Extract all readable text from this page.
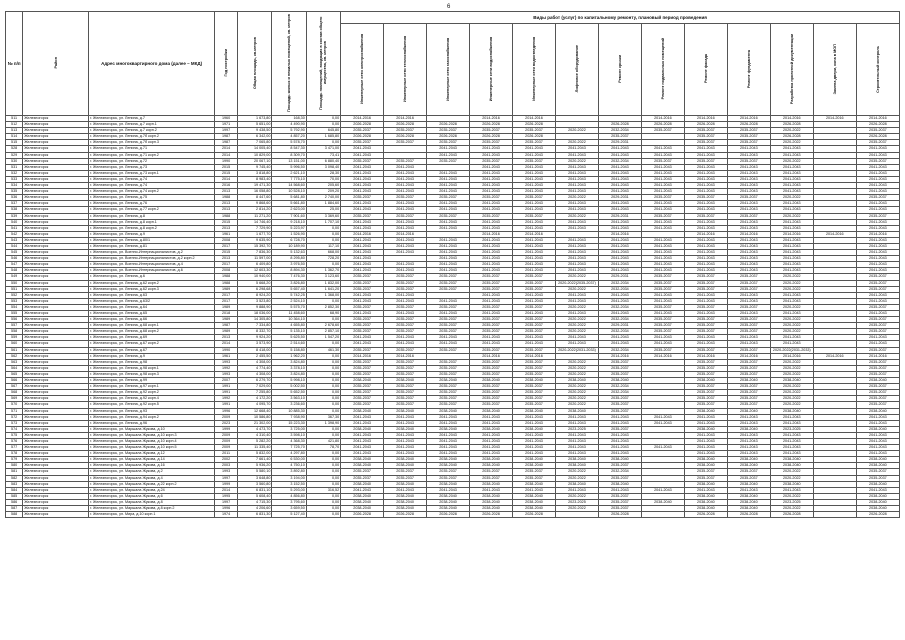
6
№ п/п	Район	Адрес многоквартирного дома (далее – МКД)	Год постройки	Общая площадь, кв.метров	Площадь жилых и нежилых помещений, кв. метров	Площадь помещений, входящих в состав общего имущества, кв. метров	Виды работ (услуг) по капитальному ремонту, плановый период проведения												
							Инженерные сети электроснабжения	Инженерные сети теплоснабжения	Инженерные сети газоснабжения	Инженерные сети водоснабжения	Инженерные сети водоотведения	Лифтовое оборудование	Ремонт крыши	Ремонт подвальных помещений	Ремонт фасада	Ремонт фундамента	Разработка проектной документации	Замена двери, окна в МОП	Строительный контроль
511	Железногорск	г. Железногорск, ул. Ленина, д.7	1960	1 673,80	168,30	0,00	2014-2016	2014-2016		2014-2016	2014-2016			2014-2016	2014-2016	2014-2016	2014-2016	2014-2016	2014-2016
512	Железногорск	г. Железногорск, ул. Ленина, д.7 корп.1	1971	5 651,00	4 490,90	0,00	2026-2028	2026-2028	2026-2028	2026-2028	2026-2028		2026-2028	2026-2028	2026-2028	2026-2028	2026-2028		2026-2028
513	Железногорск	г. Железногорск, ул. Ленина, д.7 корп.2	1997	9 438,50	5 792,90	645,80	2035-2037	2035-2037	2035-2037	2035-2037	2035-2037	2020-2022	2032-2034	2035-2037	2035-2037	2035-2037	2020-2022		2035-2037
514	Железногорск	г. Железногорск, ул. Ленина, д.7б корп.2	1987	6 342,00	4 857,20	1 685,80	2026-2028	2026-2028	2026-2028	2026-2028	2026-2028		2035-2037		2035-2037	2035-2037	2026-2028		2026-2028
515	Железногорск	г. Железногорск, ул. Ленина, д.7б корп.3	1987	7 065,80	5 578,70	0,00	2035-2037	2035-2037	2035-2037	2035-2037	2035-2037	2020-2022	2029-2031		2035-2037	2035-2037	2020-2022		2035-2037
528	Железногорск	г. Железногорск, ул. Ленина, д.71	2014	14 005,40	8 547,30	3 471,00	2041-2043		2041-2043	2041-2043	2041-2043	2041-2043	2041-2043	2041-2043	2041-2043	2041-2043	2041-2043		2041-2043
529	Железногорск	г. Железногорск, ул. Ленина, д.71 корп.2	2014	10 829,00	8 309,70	73,41	2041-2043		2041-2043	2041-2043	2041-2043	2041-2043	2041-2043	2041-2043	2041-2043	2041-2043	2041-2043		2041-2043
530	Железногорск	г. Железногорск, ул. Ленина, д.72	1990	20 067,10	13 151,00	6 880,40	2035-2037	2035-2037	2035-2037	2035-2037	2035-2037	2020-2022	2032-2034	2035-2037	2035-2037	2035-2037	2020-2022		2035-2037
531	Железногорск	г. Железногорск, ул. Ленина, д.73	2015	9 745,40	5 996,50	3 098,40	2041-2043	2041-2043		2041-2043	2041-2043	2041-2043	2041-2043	2041-2043	2041-2043	2041-2043	2041-2043		2041-2043
532	Железногорск	г. Железногорск, ул. Ленина, д.73 корп.1	2015	3 818,80	2 621,10	28,30	2041-2043	2041-2043	2041-2043	2041-2043	2041-2043	2041-2043	2041-2043	2041-2043	2041-2043	2041-2043	2041-2043		2041-2043
533	Железногорск	г. Железногорск, ул. Ленина, д.74	2014	8 983,40	7 775,10	70,00	2041-2043	2041-2043	2041-2043	2041-2043	2041-2043	2041-2043	2041-2043	2041-2043	2041-2043	2041-2043	2041-2043		2041-2043
534	Железногорск	г. Железногорск, ул. Ленина, д.74	2016	19 471,30	14 568,60	205,60	2041-2043	2041-2043	2041-2043	2041-2043	2041-2043	2041-2043	2041-2043	2041-2043	2041-2043	2041-2043	2041-2043		2041-2043
535	Железногорск	г. Железногорск, ул. Ленина, д.74 корп.2	2013	16 058,80	10 528,10	209,20	2041-2043	2041-2043	2041-2043	2041-2043	2041-2043	2041-2043	2041-2043	2041-2043	2041-2043	2041-2043	2041-2043		2041-2043
536	Железногорск	г. Железногорск, ул. Ленина, д.75	1988	8 447,60	5 681,80	2 740,00	2035-2037	2035-2037	2035-2037	2035-2037	2035-2037	2020-2022	2029-2031	2035-2037	2035-2037	2035-2037	2020-2022		2035-2037
537	Железногорск	г. Железногорск, ул. Ленина, д.76	2013	9 868,60	5 661,80	1 884,60	2041-2043	2041-2043	2041-2043	2041-2043	2041-2043	2041-2043	2041-2043	2041-2043	2041-2043	2041-2043	2041-2043		2041-2043
538	Железногорск	г. Железногорск, ул. Ленина, д.77 корп.2	2013	2 814,20	2 623,00	25,00	2041-2043	2041-2043	2041-2043	2041-2043	2041-2043	2041-2043	2041-2043	2041-2043	2041-2043	2041-2043	2041-2043		2041-2043
539	Железногорск	г. Железногорск, ул. Ленина, д.8	1988	11 271,20	7 901,60	3 369,60	2035-2037	2035-2037	2035-2037	2035-2037	2035-2037	2020-2022	2029-2031	2035-2037	2035-2037	2035-2037	2020-2022		2035-2037
540	Железногорск	г. Железногорск, ул. Ленина, д.8 корп.1	2015	14 746,40	9 218,10	1 707,10	2041-2043	2041-2043	2041-2043	2041-2043	2041-2043	2041-2043	2041-2043	2041-2043	2041-2043	2041-2043	2041-2043		2041-2043
541	Железногорск	г. Железногорск, ул. Ленина, д.8 корп.2	2013	7 729,90	5 223,97	0,00	2041-2043	2041-2043	2041-2043	2041-2043	2041-2043	2041-2043	2041-2043	2041-2043	2041-2043	2041-2043	2041-2043		2041-2043
542	Железногорск	г. Железногорск, ул. Ленина, д.9	1961	1 677,70	1 526,90	0,00	2014-2016	2014-2016		2014-2016	2014-2016		2014-2016		2014-2016	2014-2016	2014-2016	2014-2016	2014-2016
543	Железногорск	г. Железногорск, ул. Ленина, д.80/1	2008	9 635,90	6 728,70	0,00	2041-2043	2041-2043	2041-2043	2041-2043	2041-2043	2041-2043	2041-2043	2041-2043	2041-2043	2041-2043	2041-2043		2041-2043
544	Железногорск	г. Железногорск, ул. Ленина, д.81	2017	15 392,70	10 189,90	117,10	2041-2043	2041-2043	2041-2043	2041-2043	2041-2043	2041-2043	2041-2043	2041-2043	2041-2043	2041-2043	2041-2043		2041-2043
545	Железногорск	г. Железногорск, ул. Военно-Интернационалистов, д.2	2015	7 836,30	5 132,63	668,00	2041-2043	2041-2043	2041-2043	2041-2043	2041-2043	2041-2043	2041-2043	2041-2043	2041-2043	2041-2043	2041-2043		2041-2043
546	Железногорск	г. Железногорск, ул. Военно-Интернационалистов, д.2 корп.2	2013	11 597,00	8 295,80	728,20	2041-2043		2041-2043	2041-2043	2041-2043	2041-2043	2041-2043	2041-2043	2041-2043	2041-2043	2041-2043		2041-2043
547	Железногорск	г. Железногорск, ул. Военно-Интернационалистов, д.4	2017	6 409,80	3 976,50	0,00	2041-2043	2041-2043	2041-2043	2041-2043	2041-2043	2041-2043	2041-2043	2041-2043	2041-2043	2041-2043	2041-2043		2041-2043
548	Железногорск	г. Железногорск, ул. Военно-Интернационалистов, д.6	2008	12 603,30	8 894,30	1 362,70	2041-2043	2041-2043	2041-2043	2041-2043	2041-2043	2041-2043	2041-2043	2041-2043	2041-2043	2041-2043	2041-2043		2041-2043
549	Железногорск	г. Железногорск, ул. Ленина, д.6	1988	10 940,00	7 476,30	3 123,60	2035-2037	2035-2037	2035-2037	2035-2037	2035-2037	2020-2022	2029-2031	2035-2037	2035-2037	2035-2037	2020-2022		2035-2037
550	Железногорск	г. Железногорск, ул. Ленина, д.62 корп.2	1988	5 668,20	3 826,80	1 832,00	2035-2037	2035-2037	2035-2037	2035-2037	2035-2037	2020-2022(2035-2037)	2032-2034	2035-2037	2035-2037	2035-2037	2020-2022		2035-2037
551	Железногорск	г. Железногорск, ул. Ленина, д.62 корп.3	1989	6 298,68	5 657,40	1 641,20	2035-2037	2035-2037	2035-2037	2035-2037	2035-2037	2020-2022	2032-2034	2035-2037	2035-2037	2035-2037	2020-2022		2035-2037
552	Железногорск	г. Железногорск, ул. Ленина, д.63	2017	8 924,20	5 742,25	1 368,00	2041-2043	2041-2043		2041-2043	2041-2043	2041-2043	2041-2043	2041-2043	2041-2043	2041-2043	2041-2043		2041-2043
553	Железногорск	г. Железногорск, ул. Ленина, д.63/2	2017	3 523,80	2 524,10	0,00	2041-2043	2041-2043	2041-2043	2041-2043	2041-2043	2041-2043	2041-2043	2041-2043	2041-2043	2041-2043	2041-2043		2041-2043
554	Железногорск	г. Железногорск, ул. Ленина, д.64	1989	9 888,90	5 575,70	2 852,30	2035-2037	2035-2037	2035-2037	2035-2037	2035-2037	2020-2022	2032-2034	2035-2037	2035-2037	2035-2037	2020-2022		2035-2037
555	Железногорск	г. Железногорск, ул. Ленина, д.65	2018	18 036,00	11 458,60	68,90	2041-2043	2041-2043	2041-2043	2041-2043	2041-2043	2041-2043	2041-2043	2041-2043	2041-2043	2041-2043	2041-2043		2041-2043
556	Железногорск	г. Железногорск, ул. Ленина, д.66	1989	14 305,80	10 364,10	0,00	2035-2037	2035-2037	2035-2037	2035-2037	2035-2037	2020-2022	2032-2034	2035-2037	2035-2037	2035-2037	2020-2022		2035-2037
557	Железногорск	г. Железногорск, ул. Ленина, д.68 корп.1	1987	7 334,80	4 655,80	2 678,60	2035-2037	2035-2037	2035-2037	2035-2037	2035-2037	2020-2022	2029-2031	2035-2037	2035-2037	2035-2037	2020-2022		2035-2037
558	Железногорск	г. Железногорск, ул. Ленина, д.68 корп.2	1989	8 332,70	5 135,10	2 857,10	2035-2037	2035-2037	2035-2037	2035-2037	2035-2037	2020-2022	2032-2034	2035-2037	2035-2037	2035-2037	2020-2022		2035-2037
559	Железногорск	г. Железногорск, ул. Ленина, д.69	2013	9 924,20	5 625,50	1 547,20	2041-2043	2041-2043	2041-2043	2041-2043	2041-2043	2041-2043	2041-2043	2041-2043	2041-2043	2041-2043	2041-2043		2041-2043
560	Железногорск	г. Железногорск, ул. Ленина, д.67 корп.2	2014	3 573,90	2 514,60	0,00	2041-2043	2041-2043	2041-2043	2041-2043	2041-2043	2041-2043	2041-2043	2041-2043	2041-2043	2041-2043	2041-2043		2041-2043
561	Железногорск	г. Железногорск, ул. Ленина, д.67	1990	8 418,00	5 158,80	461,30	2035-2037	2035-2037	2035-2037	2035-2037	2035-2037	2020-2022(2031-2033)	2032-2034	2035-2037	2035-2037	2035-2037	2020-2022(2031-2033)		2035-2037
562	Железногорск	г. Железногорск, ул. Ленина, д.9	1961	2 455,50	1 962,20	0,00	2014-2016	2014-2016		2014-2016	2014-2016		2014-2016	2014-2016	2014-2016	2014-2016	2014-2016	2014-2016	2014-2016
563	Железногорск	г. Железногорск, ул. Ленина, д.98	1993	4 308,00	3 824,80	0,00	2035-2037	2035-2037	2035-2037	2035-2037	2035-2037	2020-2022	2035-2037		2035-2037	2035-2037	2020-2022		2035-2037
564	Железногорск	г. Железногорск, ул. Ленина, д.98 корп.1	1992	4 774,40	3 378,10	0,00	2035-2037	2035-2037	2035-2037	2035-2037	2035-2037	2020-2022	2035-2037		2035-2037	2035-2037	2020-2022		2035-2037
565	Железногорск	г. Железногорск, ул. Ленина, д.98 корп.3	1993	4 308,00	3 824,80	0,00	2035-2037	2035-2037	2035-2037	2035-2037	2035-2037	2020-2022	2035-2037		2035-2037	2035-2037	2020-2022		2035-2037
566	Железногорск	г. Железногорск, ул. Ленина, д.99	2007	6 279,70	5 998,10	0,00	2038-2040	2038-2040	2038-2040	2038-2040	2038-2040	2038-2040	2038-2040		2038-2040	2038-2040	2038-2040		2038-2040
567	Железногорск	г. Железногорск, ул. Ленина, д.97 корп.1	1991	7 029,00	5 002,50	0,00	2035-2037	2035-2037	2035-2037	2035-2037	2035-2037	2020-2022	2032-2034		2035-2037	2035-2037	2020-2022		2035-2037
568	Железногорск	г. Железногорск, ул. Ленина, д.92 корп.2	1991	7 255,80	5 652,50	0,00	2035-2037	2035-2037	2035-2037	2035-2037	2035-2037	2020-2022	2032-2034		2035-2037	2035-2037	2020-2022		2035-2037
569	Железногорск	г. Железногорск, ул. Ленина, д.92 корп.4	1992	4 172,20	3 563,10	0,00	2035-2037	2035-2037	2035-2037	2035-2037	2035-2037	2020-2022	2035-2037		2035-2037	2035-2037	2020-2022		2035-2037
570	Железногорск	г. Железногорск, ул. Ленина, д.92 корп.5	1991	4 095,70	3 236,60	0,00	2035-2037	2035-2037	2035-2037	2035-2037	2035-2037	2020-2022	2035-2037		2035-2037	2035-2037	2020-2022		2035-2037
571	Железногорск	г. Железногорск, ул. Ленина, д.93	1996	12 668,40	10 885,30	0,00	2038-2040	2038-2040	2038-2040	2038-2040	2038-2040	2038-2040	2035-2037		2038-2040	2038-2040	2038-2040		2038-2040
572	Железногорск	г. Железногорск, ул. Ленина, д.94 корп.2	2009	10 586,80	7 938,90	367,30	2041-2043	2041-2043	2041-2043	2041-2043	2041-2043	2041-2043	2041-2043	2041-2043	2041-2043	2041-2043	2041-2043		2041-2043
573	Железногорск	г. Железногорск, ул. Ленина, д.96	2023	21 302,00	15 223,30	1 398,90	2041-2043	2041-2043	2041-2043	2041-2043	2041-2043	2041-2043	2041-2043	2041-2043	2041-2043	2041-2043	2041-2043		2041-2043
574	Железногорск	г. Железногорск, ул. Маршала Жукова, д.10	1999	4 473,70	3 725,00	0,00	2038-2040	2038-2040	2038-2040	2038-2040	2038-2040	2023-2025	2035-2037		2038-2040	2038-2040	2023-2025		2038-2040
575	Железногорск	г. Железногорск, ул. Маршала Жукова, д.10 корп.3	2009	4 310,40	3 598,10	0,00	2041-2043	2041-2043	2041-2043	2041-2043	2041-2043	2041-2043	2041-2043		2041-2043	2041-2043	2041-2043		2041-2043
576	Железногорск	г. Железногорск, ул. Маршала Жукова, д.10 корп.4	2009	5 282,20	4 368,30	421,80	2041-2043	2041-2043	2041-2043	2041-2043	2041-2043	2041-2043	2041-2043		2041-2043	2041-2043	2041-2043		2041-2043
577	Железногорск	г. Железногорск, ул. Маршала Жукова, д.10 корп.5	2009	11 335,40	7 725,70	78,70	2041-2043	2041-2043	2041-2043	2041-2043	2041-2043	2041-2043	2041-2043	2041-2043	2041-2043	2041-2043	2041-2043		2041-2043
578	Железногорск	г. Железногорск, ул. Маршала Жукова, д.12	2011	5 832,00	4 297,80	0,00	2041-2043	2041-2043	2041-2043	2041-2043	2041-2043	2041-2043	2041-2043		2041-2043	2041-2043	2041-2043		2041-2043
579	Железногорск	г. Железногорск, ул. Маршала Жукова, д.14	2002	7 661,40	6 530,00	0,00	2038-2040	2038-2040	2038-2040	2038-2040	2038-2040	2038-2040	2038-2040		2038-2040	2038-2040	2038-2040		2038-2040
580	Железногорск	г. Железногорск, ул. Маршала Жукова, д.16	2003	5 936,20	4 750,10	0,00	2038-2040	2038-2040	2038-2040	2038-2040	2038-2040	2038-2040	2035-2037		2038-2040	2038-2040	2038-2040		2038-2040
581	Железногорск	г. Железногорск, ул. Маршала Жукова, д.2	1993	5 580,10	3 892,80	0,00	2035-2037	2035-2037	2035-2037	2035-2037	2035-2037	2020-2022	2032-2034		2035-2037	2035-2037	2020-2022		2035-2037
582	Железногорск	г. Железногорск, ул. Маршала Жукова, д.4	1997	3 648,80	3 194,00	0,00	2035-2037	2035-2037	2035-2037	2035-2037	2035-2037	2020-2022	2035-2037		2035-2037	2035-2037	2020-2022		2035-2037
583	Железногорск	г. Железногорск, ул. Маршала Жукова, д.22 корп.2	1999	3 560,80	3 152,50	0,00	2038-2040	2038-2040	2038-2040	2038-2040	2038-2040	2038-2040	2038-2040		2038-2040	2038-2040	2038-2040		2038-2040
584	Железногорск	г. Железногорск, ул. Маршала Жукова, д.24	2014	6 831,10	5 293,00	316,52	2041-2043	2041-2043	2041-2043	2041-2043	2041-2043	2041-2043	2041-2043	2041-2043	2041-2043	2041-2043	2041-2043		2041-2043
585	Железногорск	г. Железногорск, ул. Маршала Жукова, д.6	1995	5 608,40	4 856,80	0,00	2038-2040	2038-2040	2038-2040	2038-2040	2038-2040	2020-2022	2035-2037		2038-2040	2038-2040	2020-2022		2038-2040
586	Железногорск	г. Железногорск, ул. Маршала Жукова, д.8	1997	4 715,30	3 795,60	0,00	2038-2040	2038-2040	2038-2040	2038-2040	2038-2040	2023-2025	2035-2037	2038-2040	2038-2040	2038-2040	2023-2025		2038-2040
587	Железногорск	г. Железногорск, ул. Маршала Жукова, д.8 корп.2	1996	4 206,60	3 659,50	0,00	2038-2040	2038-2040	2038-2040	2038-2040	2038-2040	2020-2022	2035-2037		2038-2040	2038-2040	2020-2022		2038-2040
588	Железногорск	г. Железногорск, ул. Мира, д.10 корп.1	1974	6 831,30	5 127,40	0,00	2026-2028	2026-2028	2026-2028	2026-2028	2026-2028		2026-2028		2026-2028	2026-2028	2026-2028		2026-2028
